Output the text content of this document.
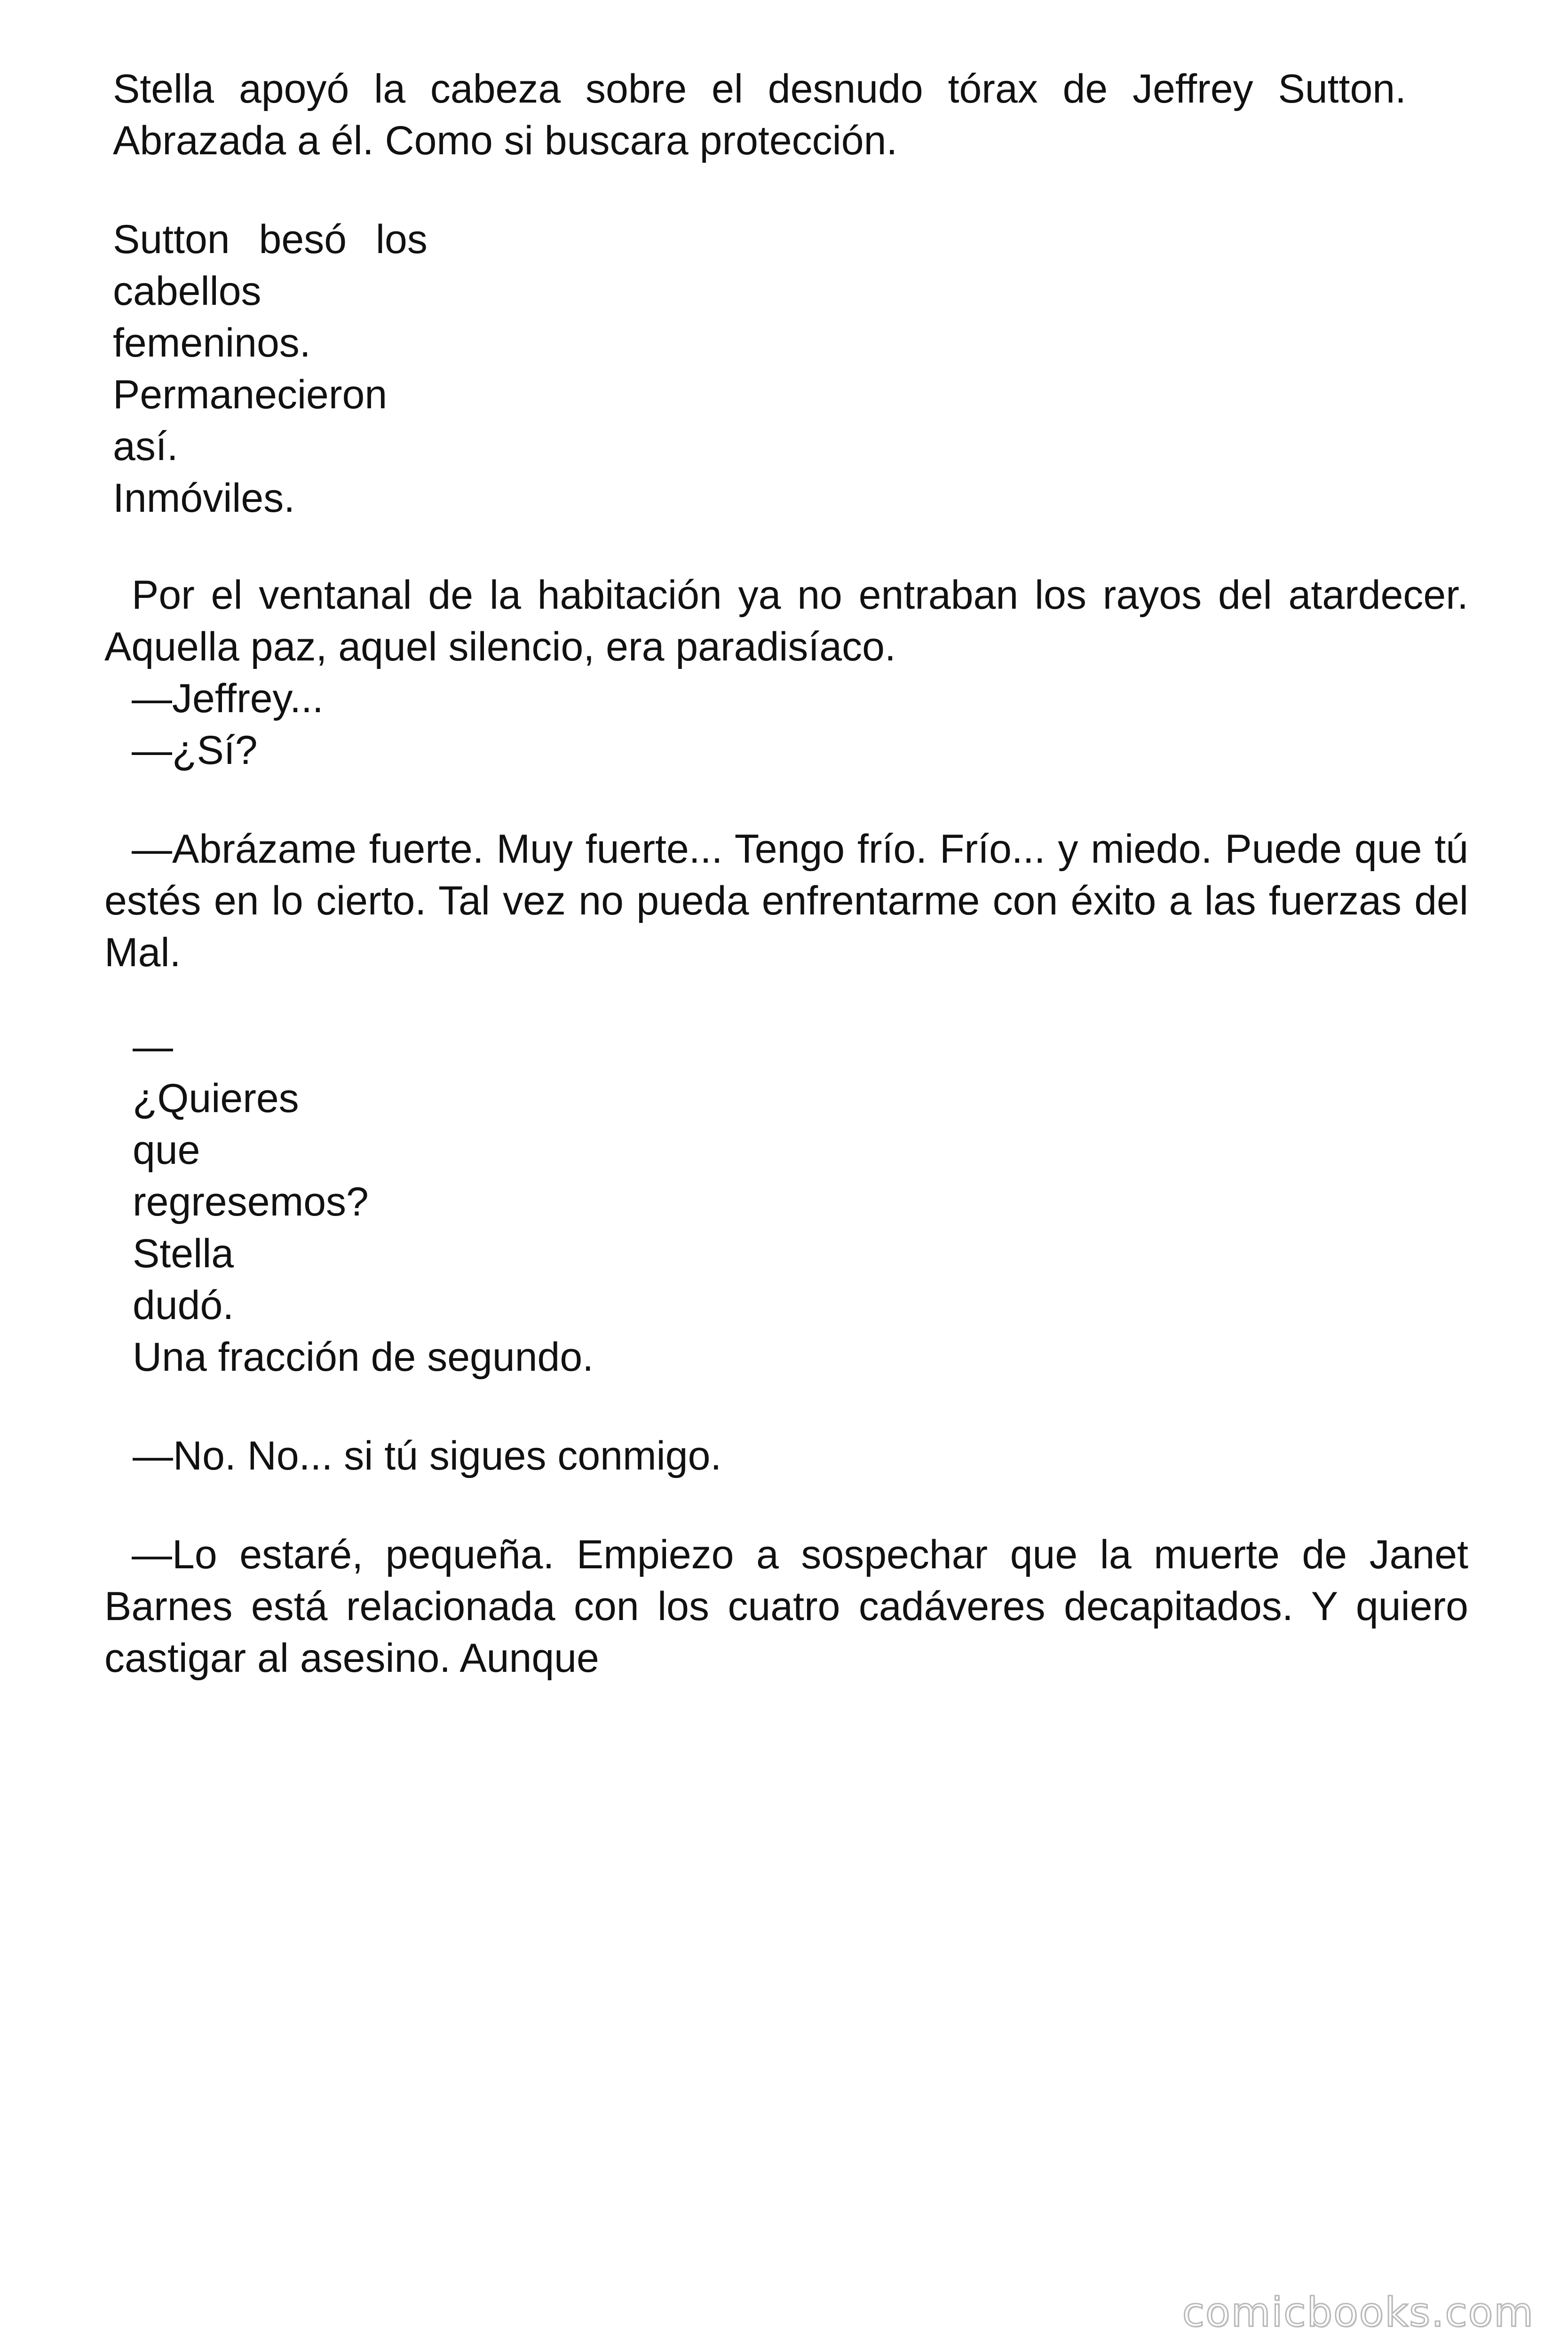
Stella apoyó la cabeza sobre el desnudo tórax de Jeffrey Sutton.
Abrazada a él. Como si buscara protección.
Sutton besó los
cabellos
femeninos.
Permanecieron
así.
Inmóviles.
Por el ventanal de la habitación ya no entraban los rayos del atardecer. Aquella paz, aquel silencio, era paradisíaco.
—Jeffrey...
—¿Sí?
—Abrázame fuerte. Muy fuerte... Tengo frío. Frío... y miedo. Puede que tú estés en lo cierto. Tal vez no pueda enfrentarme con éxito a las fuerzas del Mal.
—
¿Quieres
que
regresemos?
Stella
dudó.
Una fracción de segundo.
—No. No... si tú sigues conmigo.
—Lo estaré, pequeña. Empiezo a sospechar que la muerte de Janet Barnes está relacionada con los cuatro cadáveres decapitados. Y quiero castigar al asesino. Aunque
comicbooks.com
